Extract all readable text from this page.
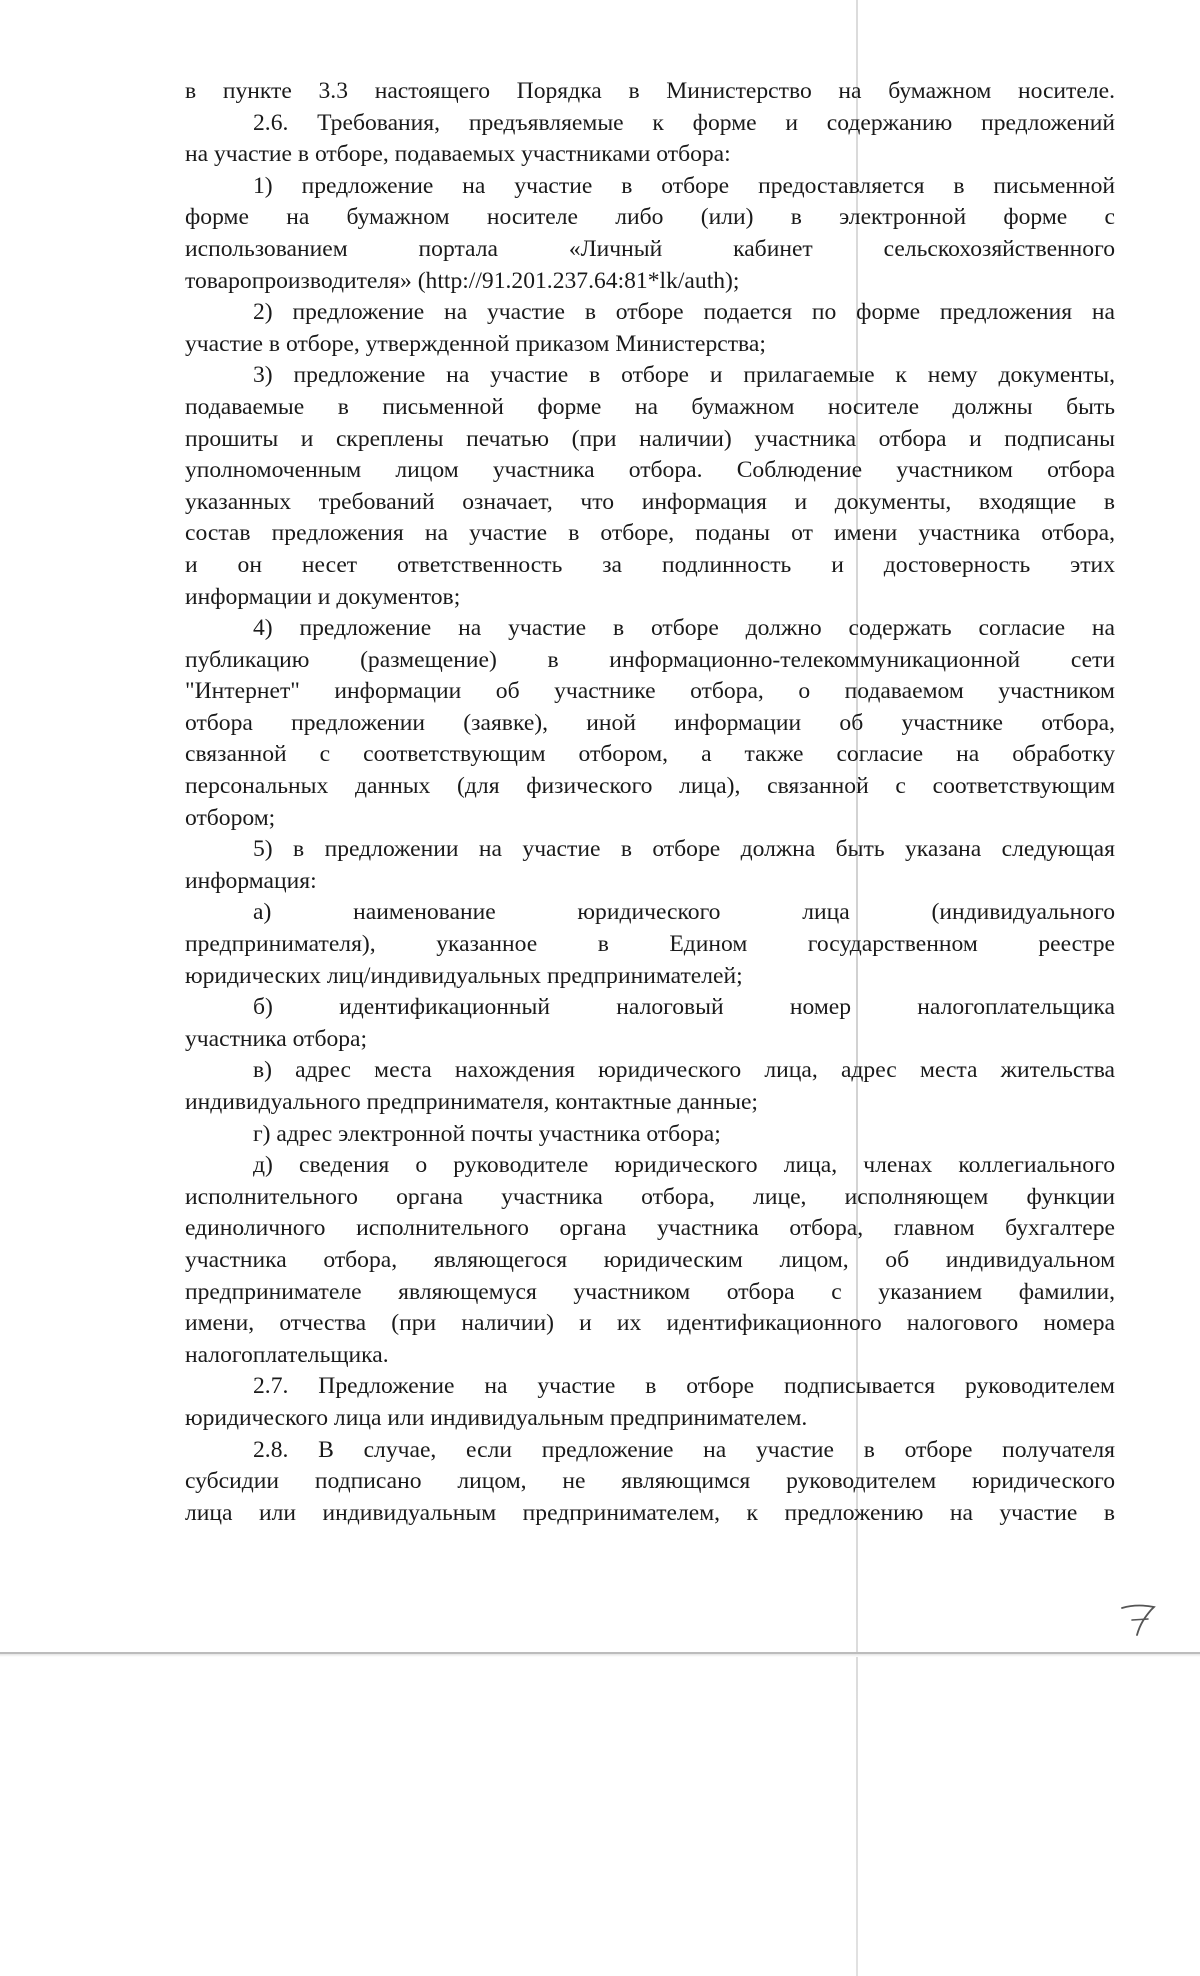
в пункте 3.3 настоящего Порядка в Министерство на бумажном носителе.
2.6. Требования, предъявляемые к форме и содержанию предложений
на участие в отборе, подаваемых участниками отбора:
1) предложение на участие в отборе предоставляется в письменной
форме на бумажном носителе либо (или) в электронной форме с
использованием портала «Личный кабинет сельскохозяйственного
товаропроизводителя» (http://91.201.237.64:81*lk/auth);
2) предложение на участие в отборе подается по форме предложения на
участие в отборе, утвержденной приказом Министерства;
3) предложение на участие в отборе и прилагаемые к нему документы,
подаваемые в письменной форме на бумажном носителе должны быть
прошиты и скреплены печатью (при наличии) участника отбора и подписаны
уполномоченным лицом участника отбора. Соблюдение участником отбора
указанных требований означает, что информация и документы, входящие в
состав предложения на участие в отборе, поданы от имени участника отбора,
и он несет ответственность за подлинность и достоверность этих
информации и документов;
4) предложение на участие в отборе должно содержать согласие на
публикацию (размещение) в информационно-телекоммуникационной сети
"Интернет" информации об участнике отбора, о подаваемом участником
отбора предложении (заявке), иной информации об участнике отбора,
связанной с соответствующим отбором, а также согласие на обработку
персональных данных (для физического лица), связанной с соответствующим
отбором;
5) в предложении на участие в отборе должна быть указана следующая
информация:
а) наименование юридического лица (индивидуального
предпринимателя), указанное в Едином государственном реестре
юридических лиц/индивидуальных предпринимателей;
б) идентификационный налоговый номер налогоплательщика
участника отбора;
в) адрес места нахождения юридического лица, адрес места жительства
индивидуального предпринимателя, контактные данные;
г) адрес электронной почты участника отбора;
д) сведения о руководителе юридического лица, членах коллегиального
исполнительного органа участника отбора, лице, исполняющем функции
единоличного исполнительного органа участника отбора, главном бухгалтере
участника отбора, являющегося юридическим лицом, об индивидуальном
предпринимателе являющемуся участником отбора с указанием фамилии,
имени, отчества (при наличии) и их идентификационного налогового номера
налогоплательщика.
2.7. Предложение на участие в отборе подписывается руководителем
юридического лица или индивидуальным предпринимателем.
2.8. В случае, если предложение на участие в отборе получателя
субсидии подписано лицом, не являющимся руководителем юридического
лица или индивидуальным предпринимателем, к предложению на участие в
